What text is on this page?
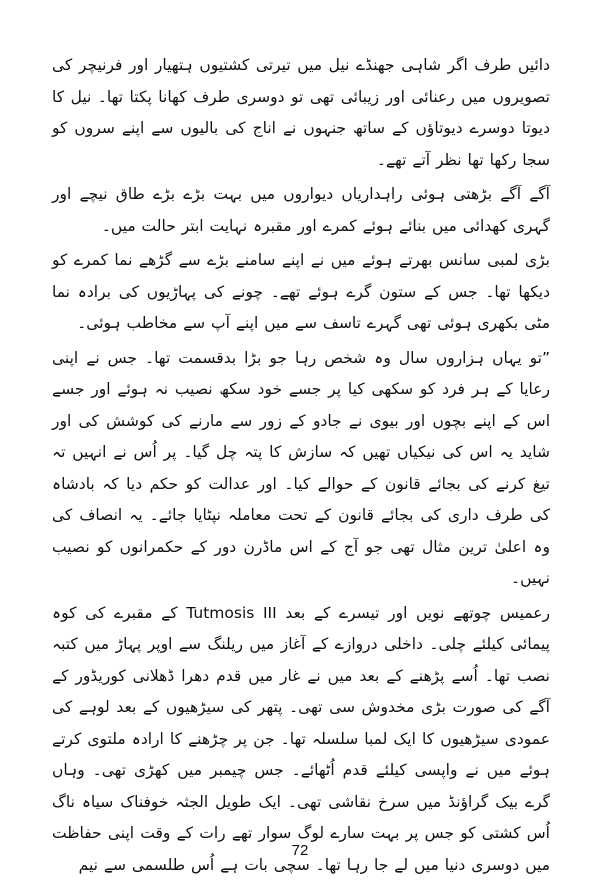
دائیں طرف اگر شاہی جھنڈے نیل میں تیرتی کشتیوں ہتھیار اور فرنیچر کی تصویروں میں رعنائی اور زیبائی تھی تو دوسری طرف کھانا پکتا تھا۔ نیل کا دیوتا دوسرے دیوتاؤں کے ساتھ جنہوں نے اناج کی بالیوں سے اپنے سروں کو سجا رکھا تھا نظر آتے تھے۔

آگے آگے بڑھتی ہوئی راہداریاں دیواروں میں بہت بڑے بڑے طاق نیچے اور گہری کھدائی میں بنائے ہوئے کمرے اور مقبرہ نہایت ابتر حالت میں۔

بڑی لمبی سانس بھرتے ہوئے میں نے اپنے سامنے بڑے سے گڑھے نما کمرے کو دیکھا تھا۔ جس کے ستون گرے ہوئے تھے۔ چونے کی پہاڑیوں کی برادہ نما مٹی بکھری ہوئی تھی گہرے تاسف سے میں اپنے آپ سے مخاطب ہوئی۔

”تو یہاں ہزاروں سال وہ شخص رہا جو بڑا بدقسمت تھا۔ جس نے اپنی رعایا کے ہر فرد کو سکھی کیا پر جسے خود سکھ نصیب نہ ہوئے اور جسے اس کے اپنے بچوں اور بیوی نے جادو کے زور سے مارنے کی کوشش کی اور شاید یہ اس کی نیکیاں تھیں کہ سازش کا پتہ چل گیا۔ پر اُس نے انہیں تہ تیغ کرنے کی بجائے قانون کے حوالے کیا۔ اور عدالت کو حکم دیا کہ بادشاہ کی طرف داری کی بجائے قانون کے تحت معاملہ نپٹایا جائے۔ یہ انصاف کی وہ اعلیٰ ترین مثال تھی جو آج کے اس ماڈرن دور کے حکمرانوں کو نصیب نہیں۔

رعمیس چوتھے نویں اور تیسرے کے بعد Tutmosis III کے مقبرے کی کوہ پیمائی کیلئے چلی۔ داخلی دروازے کے آغاز میں ریلنگ سے اوپر پہاڑ میں کتبہ نصب تھا۔ اُسے پڑھنے کے بعد میں نے غار میں قدم دھرا ڈھلانی کوریڈور کے آگے کی صورت بڑی مخدوش سی تھی۔ پتھر کی سیڑھیوں کے بعد لوہے کی عمودی سیڑھیوں کا ایک لمبا سلسلہ تھا۔ جن پر چڑھنے کا ارادہ ملتوی کرتے ہوئے میں نے واپسی کیلئے قدم اُٹھائے۔ جس چیمبر میں کھڑی تھی۔ وہاں گرے بیک گراؤنڈ میں سرخ نقاشی تھی۔ ایک طویل الجثہ خوفناک سیاہ ناگ اُس کشتی کو جس پر بہت سارے لوگ سوار تھے رات کے وقت اپنی حفاظت میں دوسری دنیا میں لے جا رہا تھا۔ سچی بات ہے اُس طلسمی سے نیم

72
